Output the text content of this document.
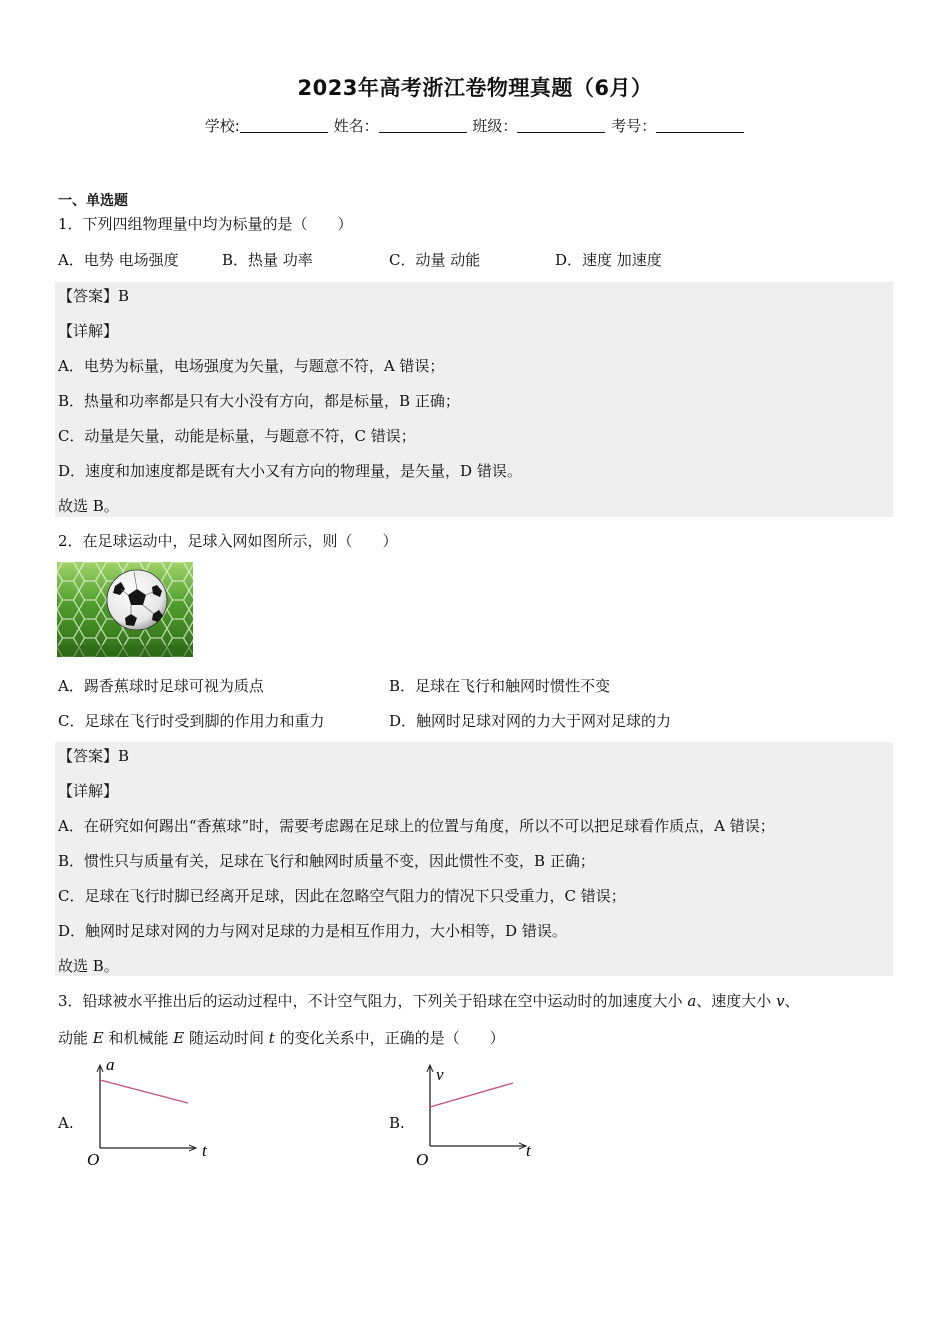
2023年高考浙江卷物理真题（6月）
学校:	姓名：	班级：	考号：
一、单选题
1．下列四组物理量中均为标量的是（　　）
A．电势 电场强度	B．热量 功率	C．动量 动能	D．速度 加速度
【答案】B
【详解】
A．电势为标量，电场强度为矢量，与题意不符，A 错误；
B．热量和功率都是只有大小没有方向，都是标量，B 正确；
C．动量是矢量，动能是标量，与题意不符，C 错误；
D．速度和加速度都是既有大小又有方向的物理量，是矢量，D 错误。
故选 B。
2．在足球运动中，足球入网如图所示，则（　　）
A．踢香蕉球时足球可视为质点	B．足球在飞行和触网时惯性不变
C．足球在飞行时受到脚的作用力和重力	D．触网时足球对网的力大于网对足球的力
【答案】B
【详解】
A．在研究如何踢出“香蕉球”时，需要考虑踢在足球上的位置与角度，所以不可以把足球看作质点，A 错误；
B．惯性只与质量有关，足球在飞行和触网时质量不变，因此惯性不变，B 正确；
C．足球在飞行时脚已经离开足球，因此在忽略空气阻力的情况下只受重力，C 错误；
D．触网时足球对网的力与网对足球的力是相互作用力，大小相等，D 错误。
故选 B。
3．铅球被水平推出后的运动过程中，不计空气阻力，下列关于铅球在空中运动时的加速度大小 a、速度大小 v、
动能 E 和机械能 E 随运动时间 t 的变化关系中，正确的是（　　）
A.
a
t
O
B.
v
t
O
